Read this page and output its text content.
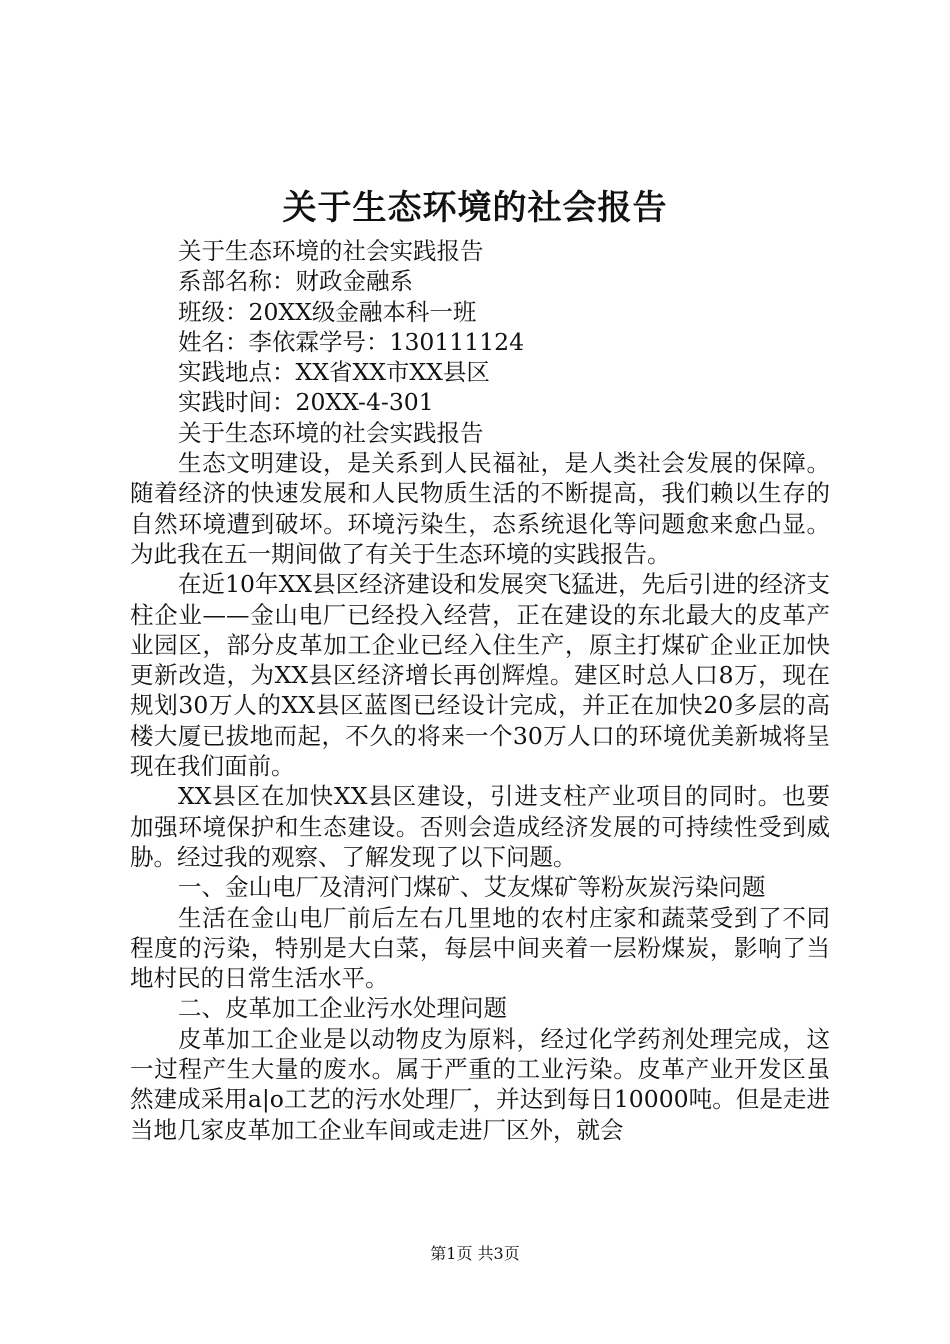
关于生态环境的社会报告

关于生态环境的社会实践报告

系部名称：财政金融系

班级：20XX级金融本科一班

姓名：李依霖学号：130111124

实践地点：XX省XX市XX县区

实践时间：20XX-4-301

关于生态环境的社会实践报告

生态文明建设，是关系到人民福祉，是人类社会发展的保障。随着经济的快速发展和人民物质生活的不断提高，我们赖以生存的自然环境遭到破坏。环境污染生，态系统退化等问题愈来愈凸显。为此我在五一期间做了有关于生态环境的实践报告。

在近10年XX县区经济建设和发展突飞猛进，先后引进的经济支柱企业——金山电厂已经投入经营，正在建设的东北最大的皮革产业园区，部分皮革加工企业已经入住生产，原主打煤矿企业正加快更新改造，为XX县区经济增长再创辉煌。建区时总人口8万，现在规划30万人的XX县区蓝图已经设计完成，并正在加快20多层的高楼大厦已拔地而起，不久的将来一个30万人口的环境优美新城将呈现在我们面前。

XX县区在加快XX县区建设，引进支柱产业项目的同时。也要加强环境保护和生态建设。否则会造成经济发展的可持续性受到威胁。经过我的观察、了解发现了以下问题。

一、金山电厂及清河门煤矿、艾友煤矿等粉灰炭污染问题

生活在金山电厂前后左右几里地的农村庄家和蔬菜受到了不同程度的污染，特别是大白菜，每层中间夹着一层粉煤炭，影响了当地村民的日常生活水平。

二、皮革加工企业污水处理问题

皮革加工企业是以动物皮为原料，经过化学药剂处理完成，这一过程产生大量的废水。属于严重的工业污染。皮革产业开发区虽然建成采用a|o工艺的污水处理厂，并达到每日10000吨。但是走进当地几家皮革加工企业车间或走进厂区外，就会

第1页 共3页
